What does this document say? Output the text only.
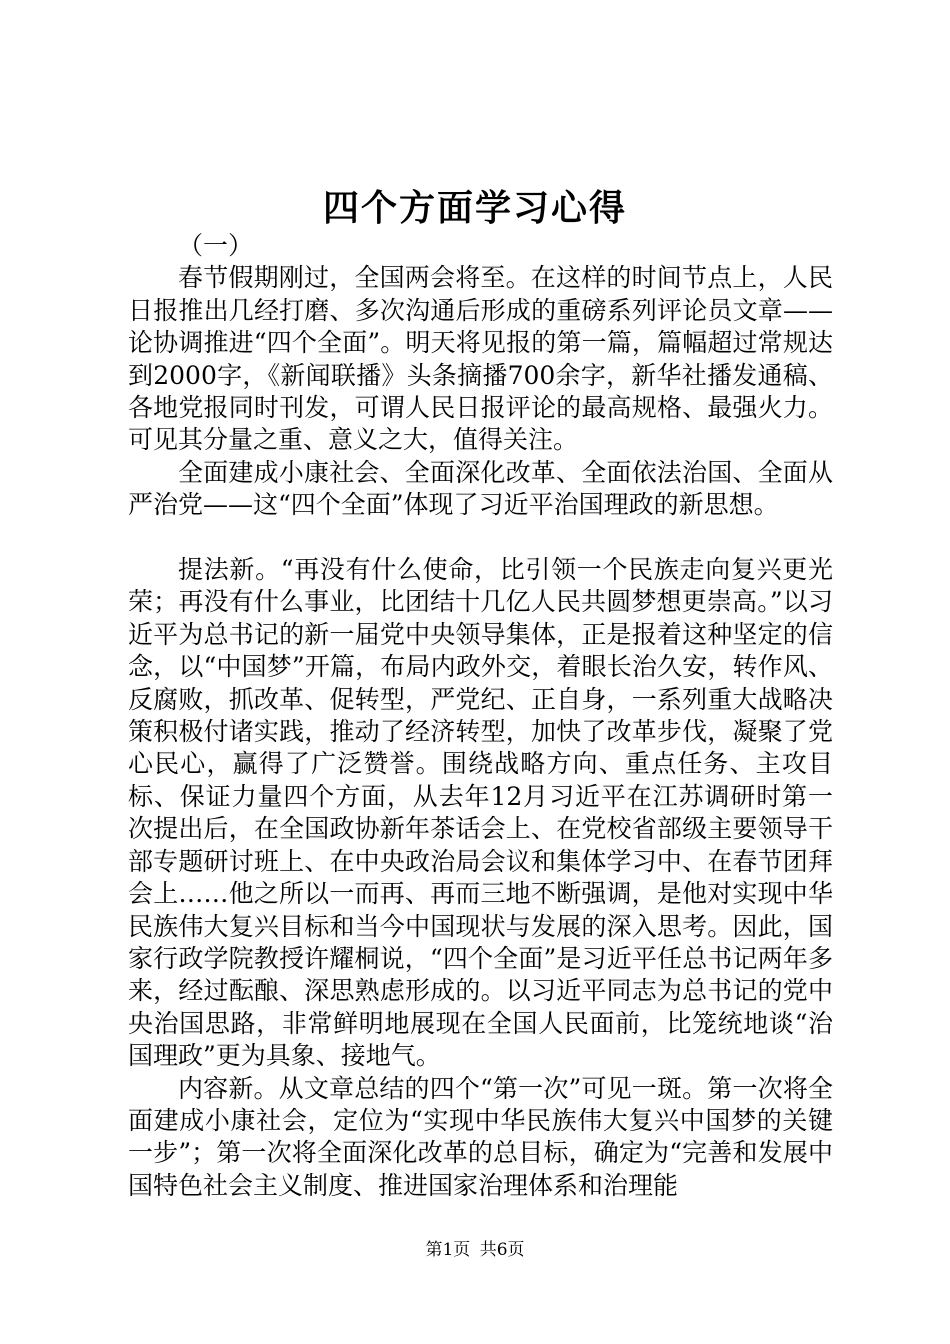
四个方面学习心得

（一）

春节假期刚过，全国两会将至。在这样的时间节点上，人民日报推出几经打磨、多次沟通后形成的重磅系列评论员文章——论协调推进“四个全面”。明天将见报的第一篇，篇幅超过常规达到2000字，《新闻联播》头条摘播700余字，新华社播发通稿、各地党报同时刊发，可谓人民日报评论的最高规格、最强火力。可见其分量之重、意义之大，值得关注。

全面建成小康社会、全面深化改革、全面依法治国、全面从严治党——这“四个全面”体现了习近平治国理政的新思想。

提法新。“再没有什么使命，比引领一个民族走向复兴更光荣；再没有什么事业，比团结十几亿人民共圆梦想更崇高。”以习近平为总书记的新一届党中央领导集体，正是报着这种坚定的信念，以“中国梦”开篇，布局内政外交，着眼长治久安，转作风、反腐败，抓改革、促转型，严党纪、正自身，一系列重大战略决策积极付诸实践，推动了经济转型，加快了改革步伐，凝聚了党心民心，赢得了广泛赞誉。围绕战略方向、重点任务、主攻目标、保证力量四个方面，从去年12月习近平在江苏调研时第一次提出后，在全国政协新年茶话会上、在党校省部级主要领导干部专题研讨班上、在中央政治局会议和集体学习中、在春节团拜会上……他之所以一而再、再而三地不断强调，是他对实现中华民族伟大复兴目标和当今中国现状与发展的深入思考。因此，国家行政学院教授许耀桐说，“四个全面”是习近平任总书记两年多来，经过酝酿、深思熟虑形成的。以习近平同志为总书记的党中央治国思路，非常鲜明地展现在全国人民面前，比笼统地谈“治国理政”更为具象、接地气。

内容新。从文章总结的四个“第一次”可见一斑。第一次将全面建成小康社会，定位为“实现中华民族伟大复兴中国梦的关键一步”；第一次将全面深化改革的总目标，确定为“完善和发展中国特色社会主义制度、推进国家治理体系和治理能

第1页 共6页
